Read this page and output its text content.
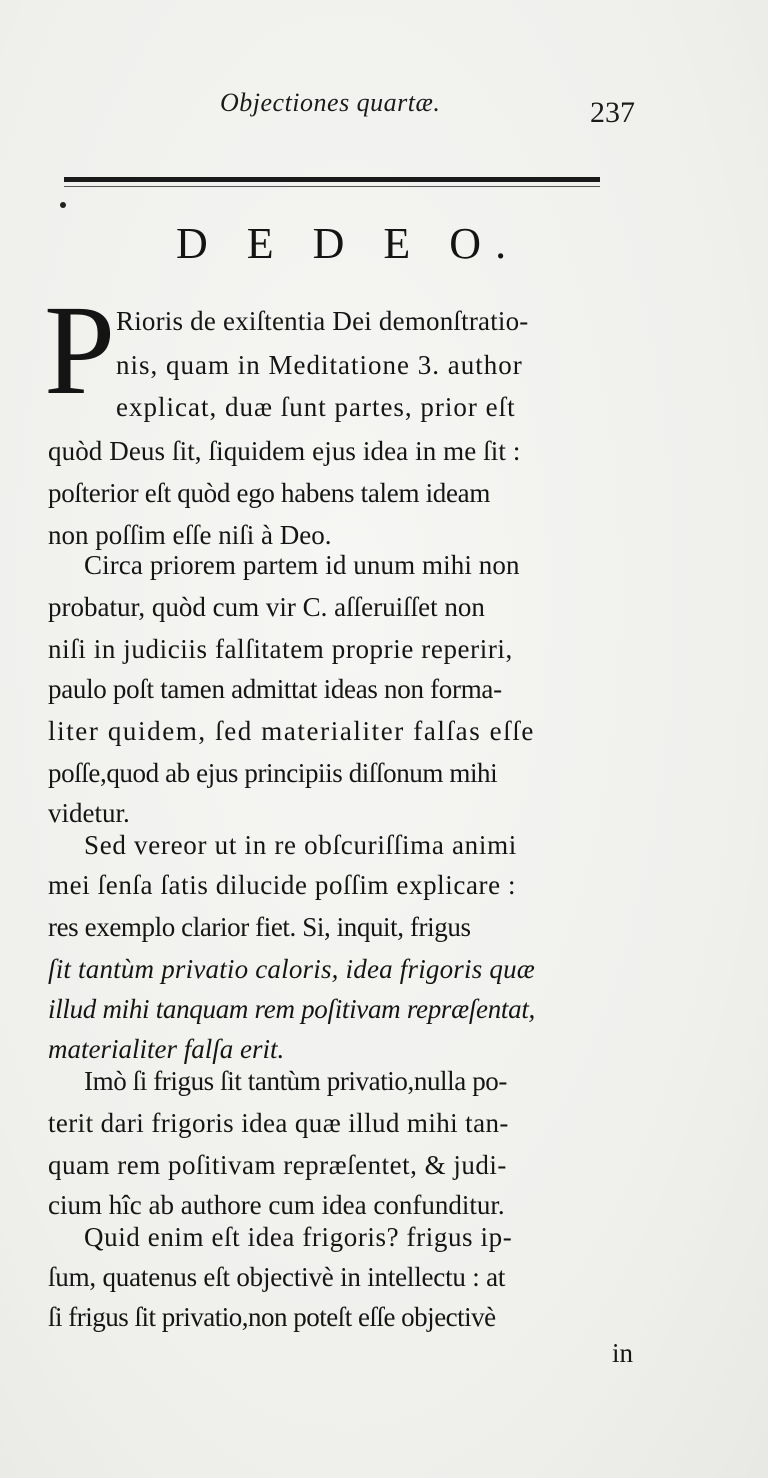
Objectiones quartæ.	237
D E D E O.
P Rioris de exiſtentia Dei demonſtratio-
nis, quam in Meditatione 3. author
explicat, duæ ſunt partes, prior eſt
quòd Deus ſit, ſiquidem ejus idea in me ſit :
poſterior eſt quòd ego habens talem ideam
non poſſim eſſe niſi à Deo.
Circa priorem partem id unum mihi non
probatur, quòd cum vir C. aſſeruiſſet non
niſi in judiciis falſitatem proprie reperiri,
paulo poſt tamen admittat ideas non forma-
liter quidem, ſed materialiter falſas eſſe
poſſe,quod ab ejus principiis diſſonum mihi
videtur.
Sed vereor ut in re obſcuriſſima animi
mei ſenſa ſatis dilucide poſſim explicare :
res exemplo clarior fiet. Si, inquit, frigus
ſit tantùm privatio caloris, idea frigoris quæ
illud mihi tanquam rem poſitivam repræſentat,
materialiter falſa erit.
Imò ſi frigus ſit tantùm privatio,nulla po-
terit dari frigoris idea quæ illud mihi tan-
quam rem poſitivam repræſentet, & judi-
cium hîc ab authore cum idea confunditur.
Quid enim eſt idea frigoris? frigus ip-
ſum, quatenus eſt objectivè in intellectu : at
ſi frigus ſit privatio,non poteſt eſſe objectivè
in
